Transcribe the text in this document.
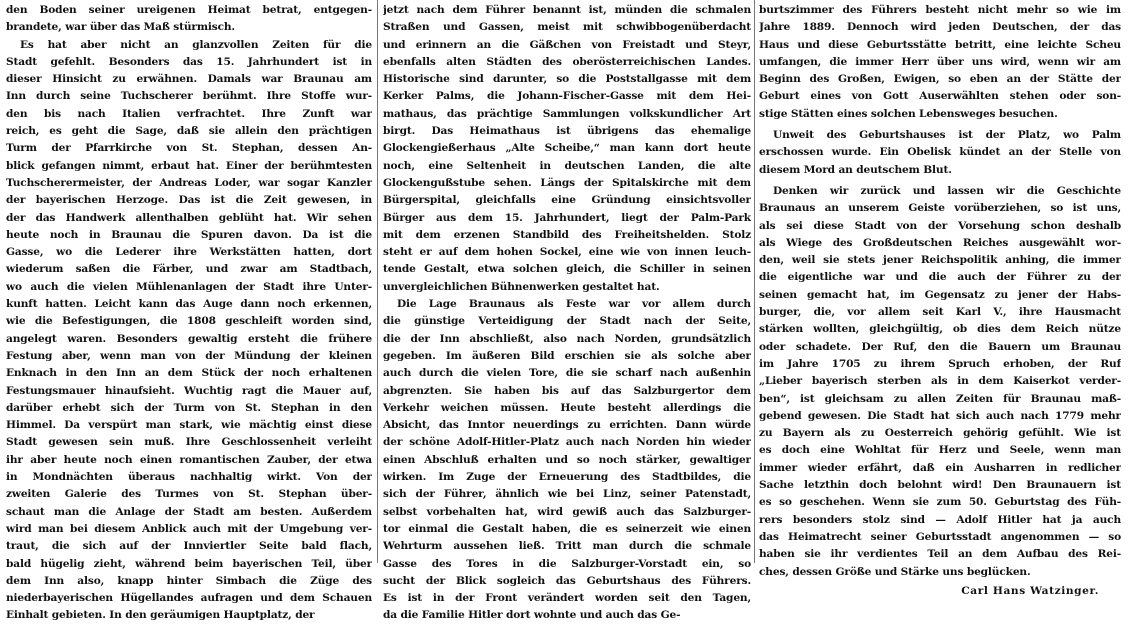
den Boden seiner ureigenen Heimat betrat, entgegen-
brandete, war über das Maß stürmisch.
Es hat aber nicht an glanzvollen Zeiten für die
Stadt gefehlt. Besonders das 15. Jahrhundert ist in
dieser Hinsicht zu erwähnen. Damals war Braunau am
Inn durch seine Tuchscherer berühmt. Ihre Stoffe wur-
den bis nach Italien verfrachtet. Ihre Zunft war
reich, es geht die Sage, daß sie allein den prächtigen
Turm der Pfarrkirche von St. Stephan, dessen An-
blick gefangen nimmt, erbaut hat. Einer der berühmtesten
Tuchscherermeister, der Andreas Loder, war sogar Kanzler
der bayerischen Herzoge. Das ist die Zeit gewesen, in
der das Handwerk allenthalben geblüht hat. Wir sehen
heute noch in Braunau die Spuren davon. Da ist die
Gasse, wo die Lederer ihre Werkstätten hatten, dort
wiederum saßen die Färber, und zwar am Stadtbach,
wo auch die vielen Mühlenanlagen der Stadt ihre Unter-
kunft hatten. Leicht kann das Auge dann noch erkennen,
wie die Befestigungen, die 1808 geschleift worden sind,
angelegt waren. Besonders gewaltig ersteht die frühere
Festung aber, wenn man von der Mündung der kleinen
Enknach in den Inn an dem Stück der noch erhaltenen
Festungsmauer hinaufsieht. Wuchtig ragt die Mauer auf,
darüber erhebt sich der Turm von St. Stephan in den
Himmel. Da verspürt man stark, wie mächtig einst diese
Stadt gewesen sein muß. Ihre Geschlossenheit verleiht
ihr aber heute noch einen romantischen Zauber, der etwa
in Mondnächten überaus nachhaltig wirkt. Von der
zweiten Galerie des Turmes von St. Stephan über-
schaut man die Anlage der Stadt am besten. Außerdem
wird man bei diesem Anblick auch mit der Umgebung ver-
traut, die sich auf der Innviertler Seite bald flach,
bald hügelig zieht, während beim bayerischen Teil, über
dem Inn also, knapp hinter Simbach die Züge des
niederbayerischen Hügellandes aufragen und dem Schauen
Einhalt gebieten. In den geräumigen Hauptplatz, der
jetzt nach dem Führer benannt ist, münden die schmalen
Straßen und Gassen, meist mit schwibbogenüberdacht
und erinnern an die Gäßchen von Freistadt und Steyr,
ebenfalls alten Städten des oberösterreichischen Landes.
Historische sind darunter, so die Poststallgasse mit dem
Kerker Palms, die Johann-Fischer-Gasse mit dem Hei-
mathaus, das prächtige Sammlungen volkskundlicher Art
birgt. Das Heimathaus ist übrigens das ehemalige
Glockengießerhaus „Alte Scheibe,“ man kann dort heute
noch, eine Seltenheit in deutschen Landen, die alte
Glockengußstube sehen. Längs der Spitalskirche mit dem
Bürgerspital, gleichfalls eine Gründung einsichtsvoller
Bürger aus dem 15. Jahrhundert, liegt der Palm-Park
mit dem erzenen Standbild des Freiheitshelden. Stolz
steht er auf dem hohen Sockel, eine wie von innen leuch-
tende Gestalt, etwa solchen gleich, die Schiller in seinen
unvergleichlichen Bühnenwerken gestaltet hat.
Die Lage Braunaus als Feste war vor allem durch
die günstige Verteidigung der Stadt nach der Seite,
die der Inn abschließt, also nach Norden, grundsätzlich
gegeben. Im äußeren Bild erschien sie als solche aber
auch durch die vielen Tore, die sie scharf nach außenhin
abgrenzten. Sie haben bis auf das Salzburgertor dem
Verkehr weichen müssen. Heute besteht allerdings die
Absicht, das Inntor neuerdings zu errichten. Dann würde
der schöne Adolf-Hitler-Platz auch nach Norden hin wieder
einen Abschluß erhalten und so noch stärker, gewaltiger
wirken. Im Zuge der Erneuerung des Stadtbildes, die
sich der Führer, ähnlich wie bei Linz, seiner Patenstadt,
selbst vorbehalten hat, wird gewiß auch das Salzburger-
tor einmal die Gestalt haben, die es seinerzeit wie einen
Wehrturm aussehen ließ. Tritt man durch die schmale
Gasse des Tores in die Salzburger-Vorstadt ein, so
sucht der Blick sogleich das Geburtshaus des Führers.
Es ist in der Front verändert worden seit den Tagen,
da die Familie Hitler dort wohnte und auch das Ge-
burtszimmer des Führers besteht nicht mehr so wie im
Jahre 1889. Dennoch wird jeden Deutschen, der das
Haus und diese Geburtsstätte betritt, eine leichte Scheu
umfangen, die immer Herr über uns wird, wenn wir am
Beginn des Großen, Ewigen, so eben an der Stätte der
Geburt eines von Gott Auserwählten stehen oder son-
stige Stätten eines solchen Lebensweges besuchen.
Unweit des Geburtshauses ist der Platz, wo Palm
erschossen wurde. Ein Obelisk kündet an der Stelle von
diesem Mord an deutschem Blut.
Denken wir zurück und lassen wir die Geschichte
Braunaus an unserem Geiste vorüberziehen, so ist uns,
als sei diese Stadt von der Vorsehung schon deshalb
als Wiege des Großdeutschen Reiches ausgewählt wor-
den, weil sie stets jener Reichspolitik anhing, die immer
die eigentliche war und die auch der Führer zu der
seinen gemacht hat, im Gegensatz zu jener der Habs-
burger, die, vor allem seit Karl V., ihre Hausmacht
stärken wollten, gleichgültig, ob dies dem Reich nütze
oder schadete. Der Ruf, den die Bauern um Braunau
im Jahre 1705 zu ihrem Spruch erhoben, der Ruf
„Lieber bayerisch sterben als in dem Kaiserkot verder-
ben“, ist gleichsam zu allen Zeiten für Braunau maß-
gebend gewesen. Die Stadt hat sich auch nach 1779 mehr
zu Bayern als zu Oesterreich gehörig gefühlt. Wie ist
es doch eine Wohltat für Herz und Seele, wenn man
immer wieder erfährt, daß ein Ausharren in redlicher
Sache letzthin doch belohnt wird! Den Braunauern ist
es so geschehen. Wenn sie zum 50. Geburtstag des Füh-
rers besonders stolz sind — Adolf Hitler hat ja auch
das Heimatrecht seiner Geburtsstadt angenommen — so
haben sie ihr verdientes Teil an dem Aufbau des Rei-
ches, dessen Größe und Stärke uns beglücken.
Carl Hans Watzinger.
